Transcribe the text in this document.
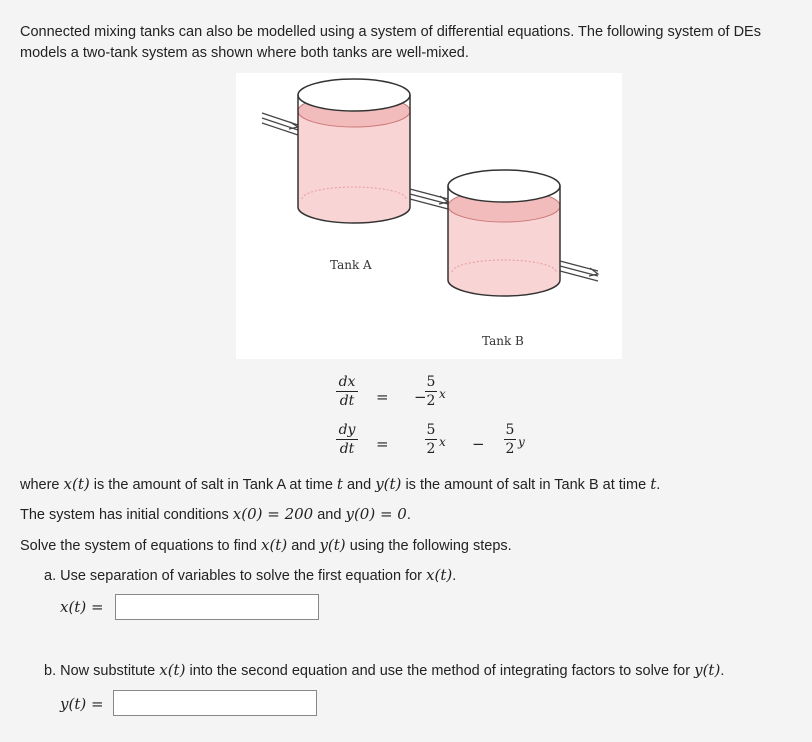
Connected mixing tanks can also be modelled using a system of differential equations. The following system of DEs
models a two-tank system as shown where both tanks are well-mixed.
Tank A
Tank B
dx
dt = −
5
2 x
dy
dt =
5
2 x −
5
2 y
where x(t) is the amount of salt in Tank A at time t and y(t) is the amount of salt in Tank B at time t.
The system has initial conditions x(0) = 200 and y(0) = 0.
Solve the system of equations to find x(t) and y(t) using the following steps.
a. Use separation of variables to solve the first equation for x(t).
x(t) =
b. Now substitute x(t) into the second equation and use the method of integrating factors to solve for y(t).
y(t) =
